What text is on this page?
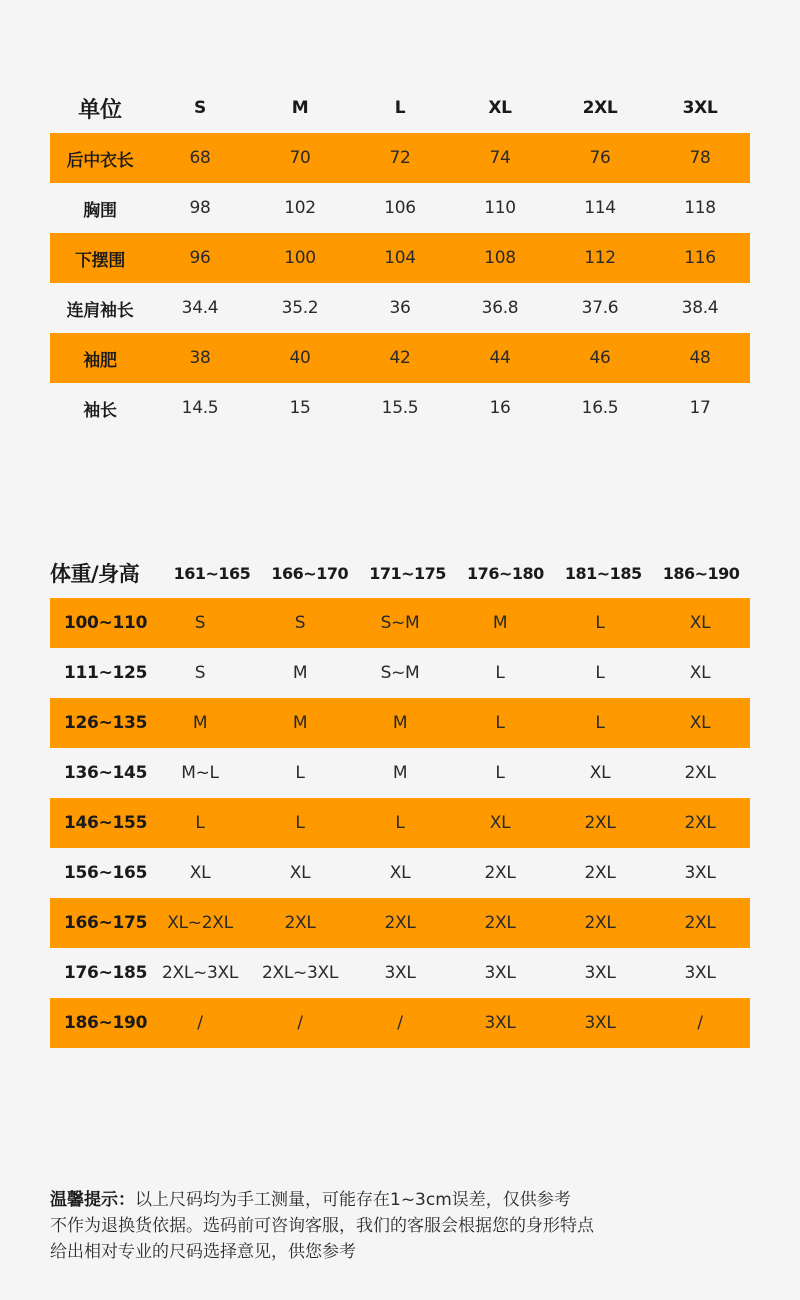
单位	S	M	L	XL	2XL	3XL
后中衣长	68	70	72	74	76	78
胸围	98	102	106	110	114	118
下摆围	96	100	104	108	112	116
连肩袖长	34.4	35.2	36	36.8	37.6	38.4
袖肥	38	40	42	44	46	48
袖长	14.5	15	15.5	16	16.5	17
体重/身高	161~165	166~170	171~175	176~180	181~185	186~190
100~110	S	S	S~M	M	L	XL
111~125	S	M	S~M	L	L	XL
126~135	M	M	M	L	L	XL
136~145	M~L	L	M	L	XL	2XL
146~155	L	L	L	XL	2XL	2XL
156~165	XL	XL	XL	2XL	2XL	3XL
166~175	XL~2XL	2XL	2XL	2XL	2XL	2XL
176~185 2XL~3XL	2XL~3XL	3XL	3XL	3XL	3XL
186~190	/	/	/	3XL	3XL	/
温馨提示：以上尺码均为手工测量，可能存在1~3cm误差，仅供参考
不作为退换货依据。选码前可咨询客服，我们的客服会根据您的身形特点
给出相对专业的尺码选择意见，供您参考
